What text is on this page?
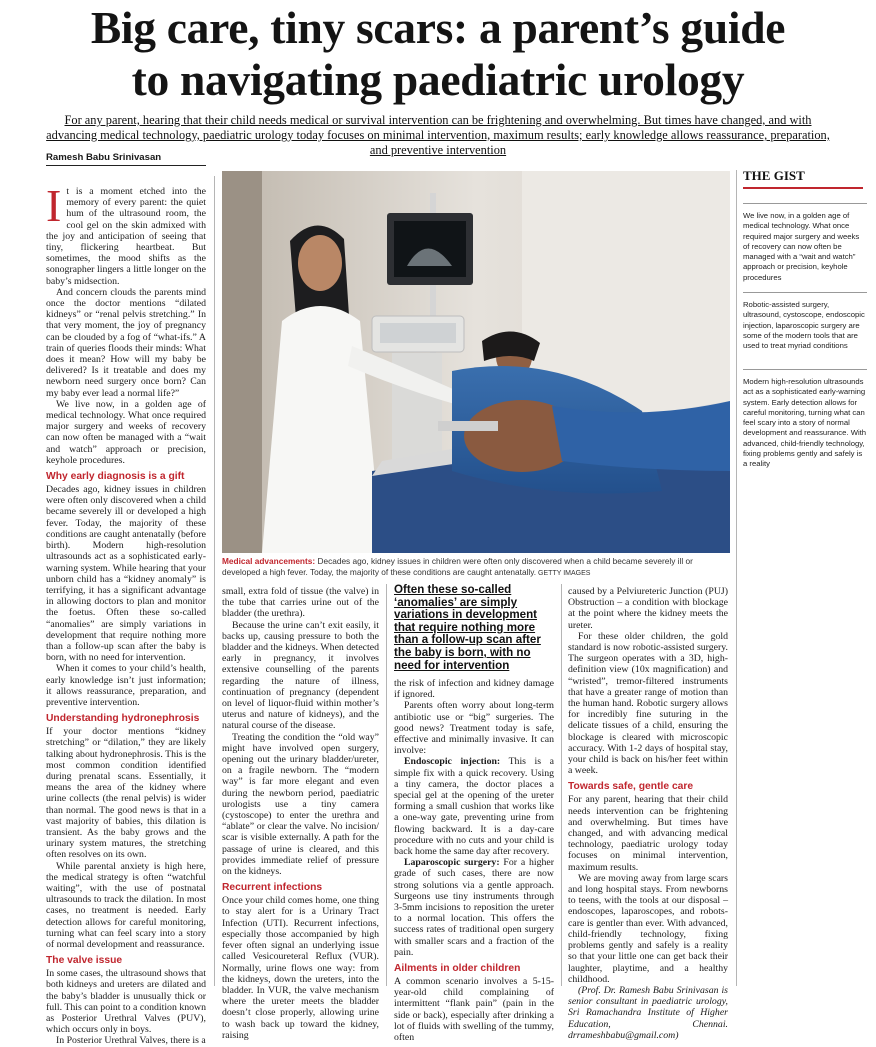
Big care, tiny scars: a parent’s guide
to navigating paediatric urology
For any parent, hearing that their child needs medical or survival intervention can be frightening and overwhelming. But times have changed, and with advancing medical technology, paediatric urology today focuses on minimal intervention, maximum results; early knowledge allows reassurance, preparation, and preventive intervention
Ramesh Babu Srinivasan

It is a moment etched into the memory of every parent: the quiet hum of the ultrasound room, the cool gel on the skin admixed with the joy and anticipation of seeing that tiny, flickering heartbeat. But sometimes, the mood shifts as the sonographer lingers a little longer on the baby’s midsection.

And concern clouds the parents mind once the doctor mentions “dilated kidneys” or “renal pelvis stretching.” In that very moment, the joy of pregnancy can be clouded by a fog of “what-ifs.” A train of queries floods their minds: What does it mean? How will my baby be delivered? Is it treatable and does my newborn need surgery once born? Can my baby ever lead a normal life?”

We live now, in a golden age of medical technology. What once required major surgery and weeks of recovery can now often be managed with a “wait and watch” approach or precision, keyhole procedures.

Why early diagnosis is a gift

Decades ago, kidney issues in children were often only discovered when a child became severely ill or developed a high fever. Today, the majority of these conditions are caught antenatally (before birth). Modern high-resolution ultrasounds act as a sophisticated early-warning system. While hearing that your unborn child has a “kidney anomaly” is terrifying, it has a significant advantage in allowing doctors to plan and monitor the foetus. Often these so-called “anomalies” are simply variations in development that require nothing more than a follow-up scan after the baby is born, with no need for intervention.

When it comes to your child’s health, early knowledge isn’t just information; it allows reassurance, preparation, and preventive intervention.

Understanding hydronephrosis

If your doctor mentions “kidney stretching” or “dilation,” they are likely talking about hydronephrosis. This is the most common condition identified during prenatal scans. Essentially, it means the area of the kidney where urine collects (the renal pelvis) is wider than normal. The good news is that in a vast majority of babies, this dilation is transient. As the baby grows and the urinary system matures, the stretching often resolves on its own.

While parental anxiety is high here, the medical strategy is often “watchful waiting”, with the use of postnatal ultrasounds to track the dilation. In most cases, no treatment is needed. Early detection allows for careful monitoring, turning what can feel scary into a story of normal development and reassurance.

The valve issue

In some cases, the ultrasound shows that both kidneys and ureters are dilated and the baby’s bladder is unusually thick or full. This can point to a condition known as Posterior Urethral Valves (PUV), which occurs only in boys.

In Posterior Urethral Valves, there is a

Medical advancements: Decades ago, kidney issues in children were often only discovered when a child became severely ill or developed a high fever. Today, the majority of these conditions are caught antenatally. GETTY IMAGES

small, extra fold of tissue (the valve) in the tube that carries urine out of the bladder (the urethra).

Because the urine can’t exit easily, it backs up, causing pressure to both the bladder and the kidneys. When detected early in pregnancy, it involves extensive counselling of the parents regarding the nature of illness, continuation of pregnancy (dependent on level of liquor-fluid within mother’s uterus and nature of kidneys), and the natural course of the disease.

Treating the condition the “old way” might have involved open surgery, opening out the urinary bladder/ureter, on a fragile newborn. The “modern way” is far more elegant and even during the newborn period, paediatric urologists use a tiny camera (cystoscope) to enter the urethra and “ablate” or clear the valve. No incision/ scar is visible externally. A path for the passage of urine is cleared, and this provides immediate relief of pressure on the kidneys.

Recurrent infections

Once your child comes home, one thing to stay alert for is a Urinary Tract Infection (UTI). Recurrent infections, especially those accompanied by high fever often signal an underlying issue called Vesicoureteral Reflux (VUR). Normally, urine flows one way: from the kidneys, down the ureters, into the bladder. In VUR, the valve mechanism where the ureter meets the bladder doesn’t close properly, allowing urine to wash back up toward the kidney, raising

Often these so-called ‘anomalies’ are simply variations in development that require nothing more than a follow-up scan after the baby is born, with no need for intervention

the risk of infection and kidney damage if ignored.

Parents often worry about long-term antibiotic use or “big” surgeries. The good news? Treatment today is safe, effective and minimally invasive. It can involve:

Endoscopic injection: This is a simple fix with a quick recovery. Using a tiny camera, the doctor places a special gel at the opening of the ureter forming a small cushion that works like a one-way gate, preventing urine from flowing backward. It is a day-care procedure with no cuts and your child is back home the same day after recovery.

Laparoscopic surgery: For a higher grade of such cases, there are now strong solutions via a gentle approach. Surgeons use tiny instruments through 3-5mm incisions to reposition the ureter to a normal location. This offers the success rates of traditional open surgery with smaller scars and a fraction of the pain.

Ailments in older children

A common scenario involves a 5-15-year-old child complaining of intermittent “flank pain” (pain in the side or back), especially after drinking a lot of fluids with swelling of the tummy, often

caused by a Pelviureteric Junction (PUJ) Obstruction – a condition with blockage at the point where the kidney meets the ureter.

For these older children, the gold standard is now robotic-assisted surgery. The surgeon operates with a 3D, high-definition view (10x magnification) and “wristed”, tremor-filtered instruments that have a greater range of motion than the human hand. Robotic surgery allows for incredibly fine suturing in the delicate tissues of a child, ensuring the blockage is cleared with microscopic accuracy. With 1-2 days of hospital stay, your child is back on his/her feet within a week.

Towards safe, gentle care

For any parent, hearing that their child needs intervention can be frightening and overwhelming. But times have changed, and with advancing medical technology, paediatric urology today focuses on minimal intervention, maximum results.

We are moving away from large scars and long hospital stays. From newborns to teens, with the tools at our disposal – endoscopes, laparoscopes, and robots- care is gentler than ever. With advanced, child-friendly technology, fixing problems gently and safely is a reality so that your little one can get back their laughter, playtime, and a healthy childhood.

(Prof. Dr. Ramesh Babu Srinivasan is senior consultant in paediatric urology, Sri Ramachandra Institute of Higher Education, Chennai. drrameshbabu@gmail.com)

THE GIST
We live now, in a golden age of medical technology. What once required major surgery and weeks of recovery can now often be managed with a “wait and watch” approach or precision, keyhole procedures
Robotic-assisted surgery, ultrasound, cystoscope, endoscopic injection, laparoscopic surgery are some of the modern tools that are used to treat myriad conditions
Modern high-resolution ultrasounds act as a sophisticated early-warning system. Early detection allows for careful monitoring, turning what can feel scary into a story of normal development and reassurance. With advanced, child-friendly technology, fixing problems gently and safely is a reality
